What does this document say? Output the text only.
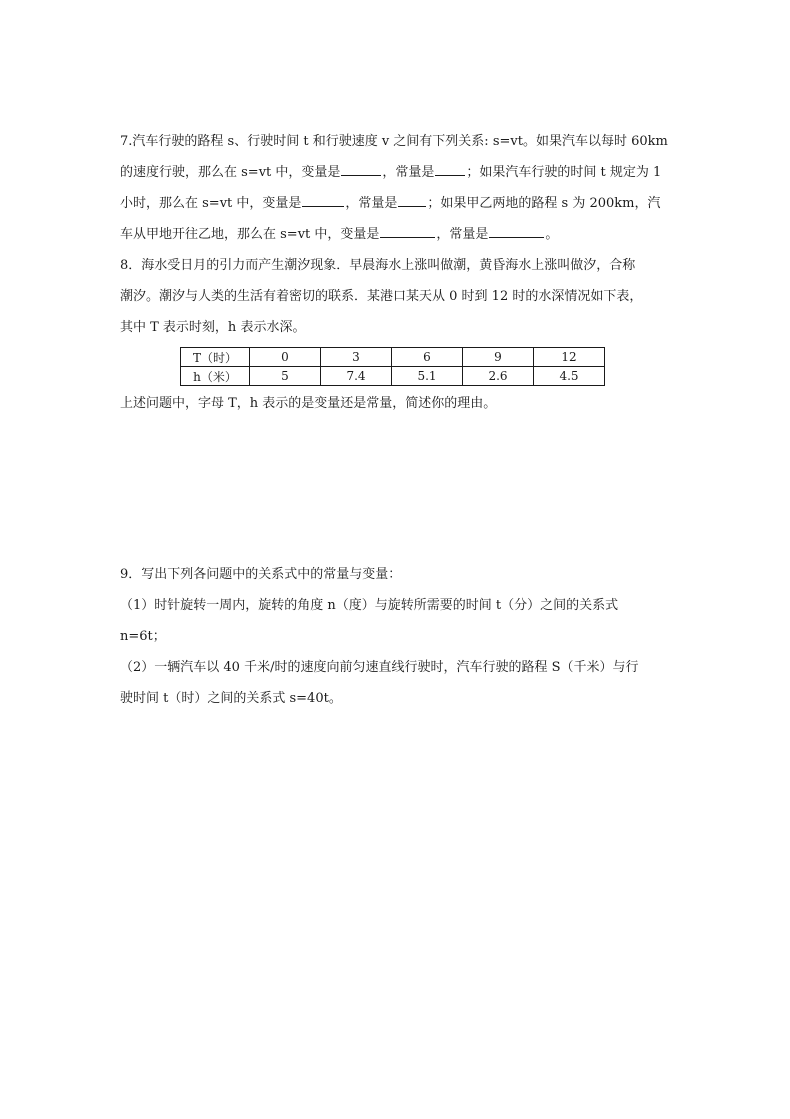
7.汽车行驶的路程 s、行驶时间 t 和行驶速度 v 之间有下列关系: s=vt。如果汽车以每时 60km

的速度行驶，那么在 s=vt 中，变量是	，常量是 ；如果汽车行驶的时间 t 规定为 1

小时，那么在 s=vt 中，变量是	，常量是 ；如果甲乙两地的路程 s 为 200km，汽

车从甲地开往乙地，那么在 s=vt 中，变量是	，常量是	。

8．海水受日月的引力而产生潮汐现象．早晨海水上涨叫做潮，黄昏海水上涨叫做汐，合称

潮汐。潮汐与人类的生活有着密切的联系．某港口某天从 0 时到 12 时的水深情况如下表，

其中 T 表示时刻，h 表示水深。

T（时）	0	3	6	9	12
h（米）	5	7.4	5.1	2.6	4.5

上述问题中，字母 T，h 表示的是变量还是常量，简述你的理由。

9．写出下列各问题中的关系式中的常量与变量：

（1）时针旋转一周内，旋转的角度 n（度）与旋转所需要的时间 t（分）之间的关系式

n=6t；

（2）一辆汽车以 40 千米/时的速度向前匀速直线行驶时，汽车行驶的路程 S（千米）与行

驶时间 t（时）之间的关系式 s=40t。
